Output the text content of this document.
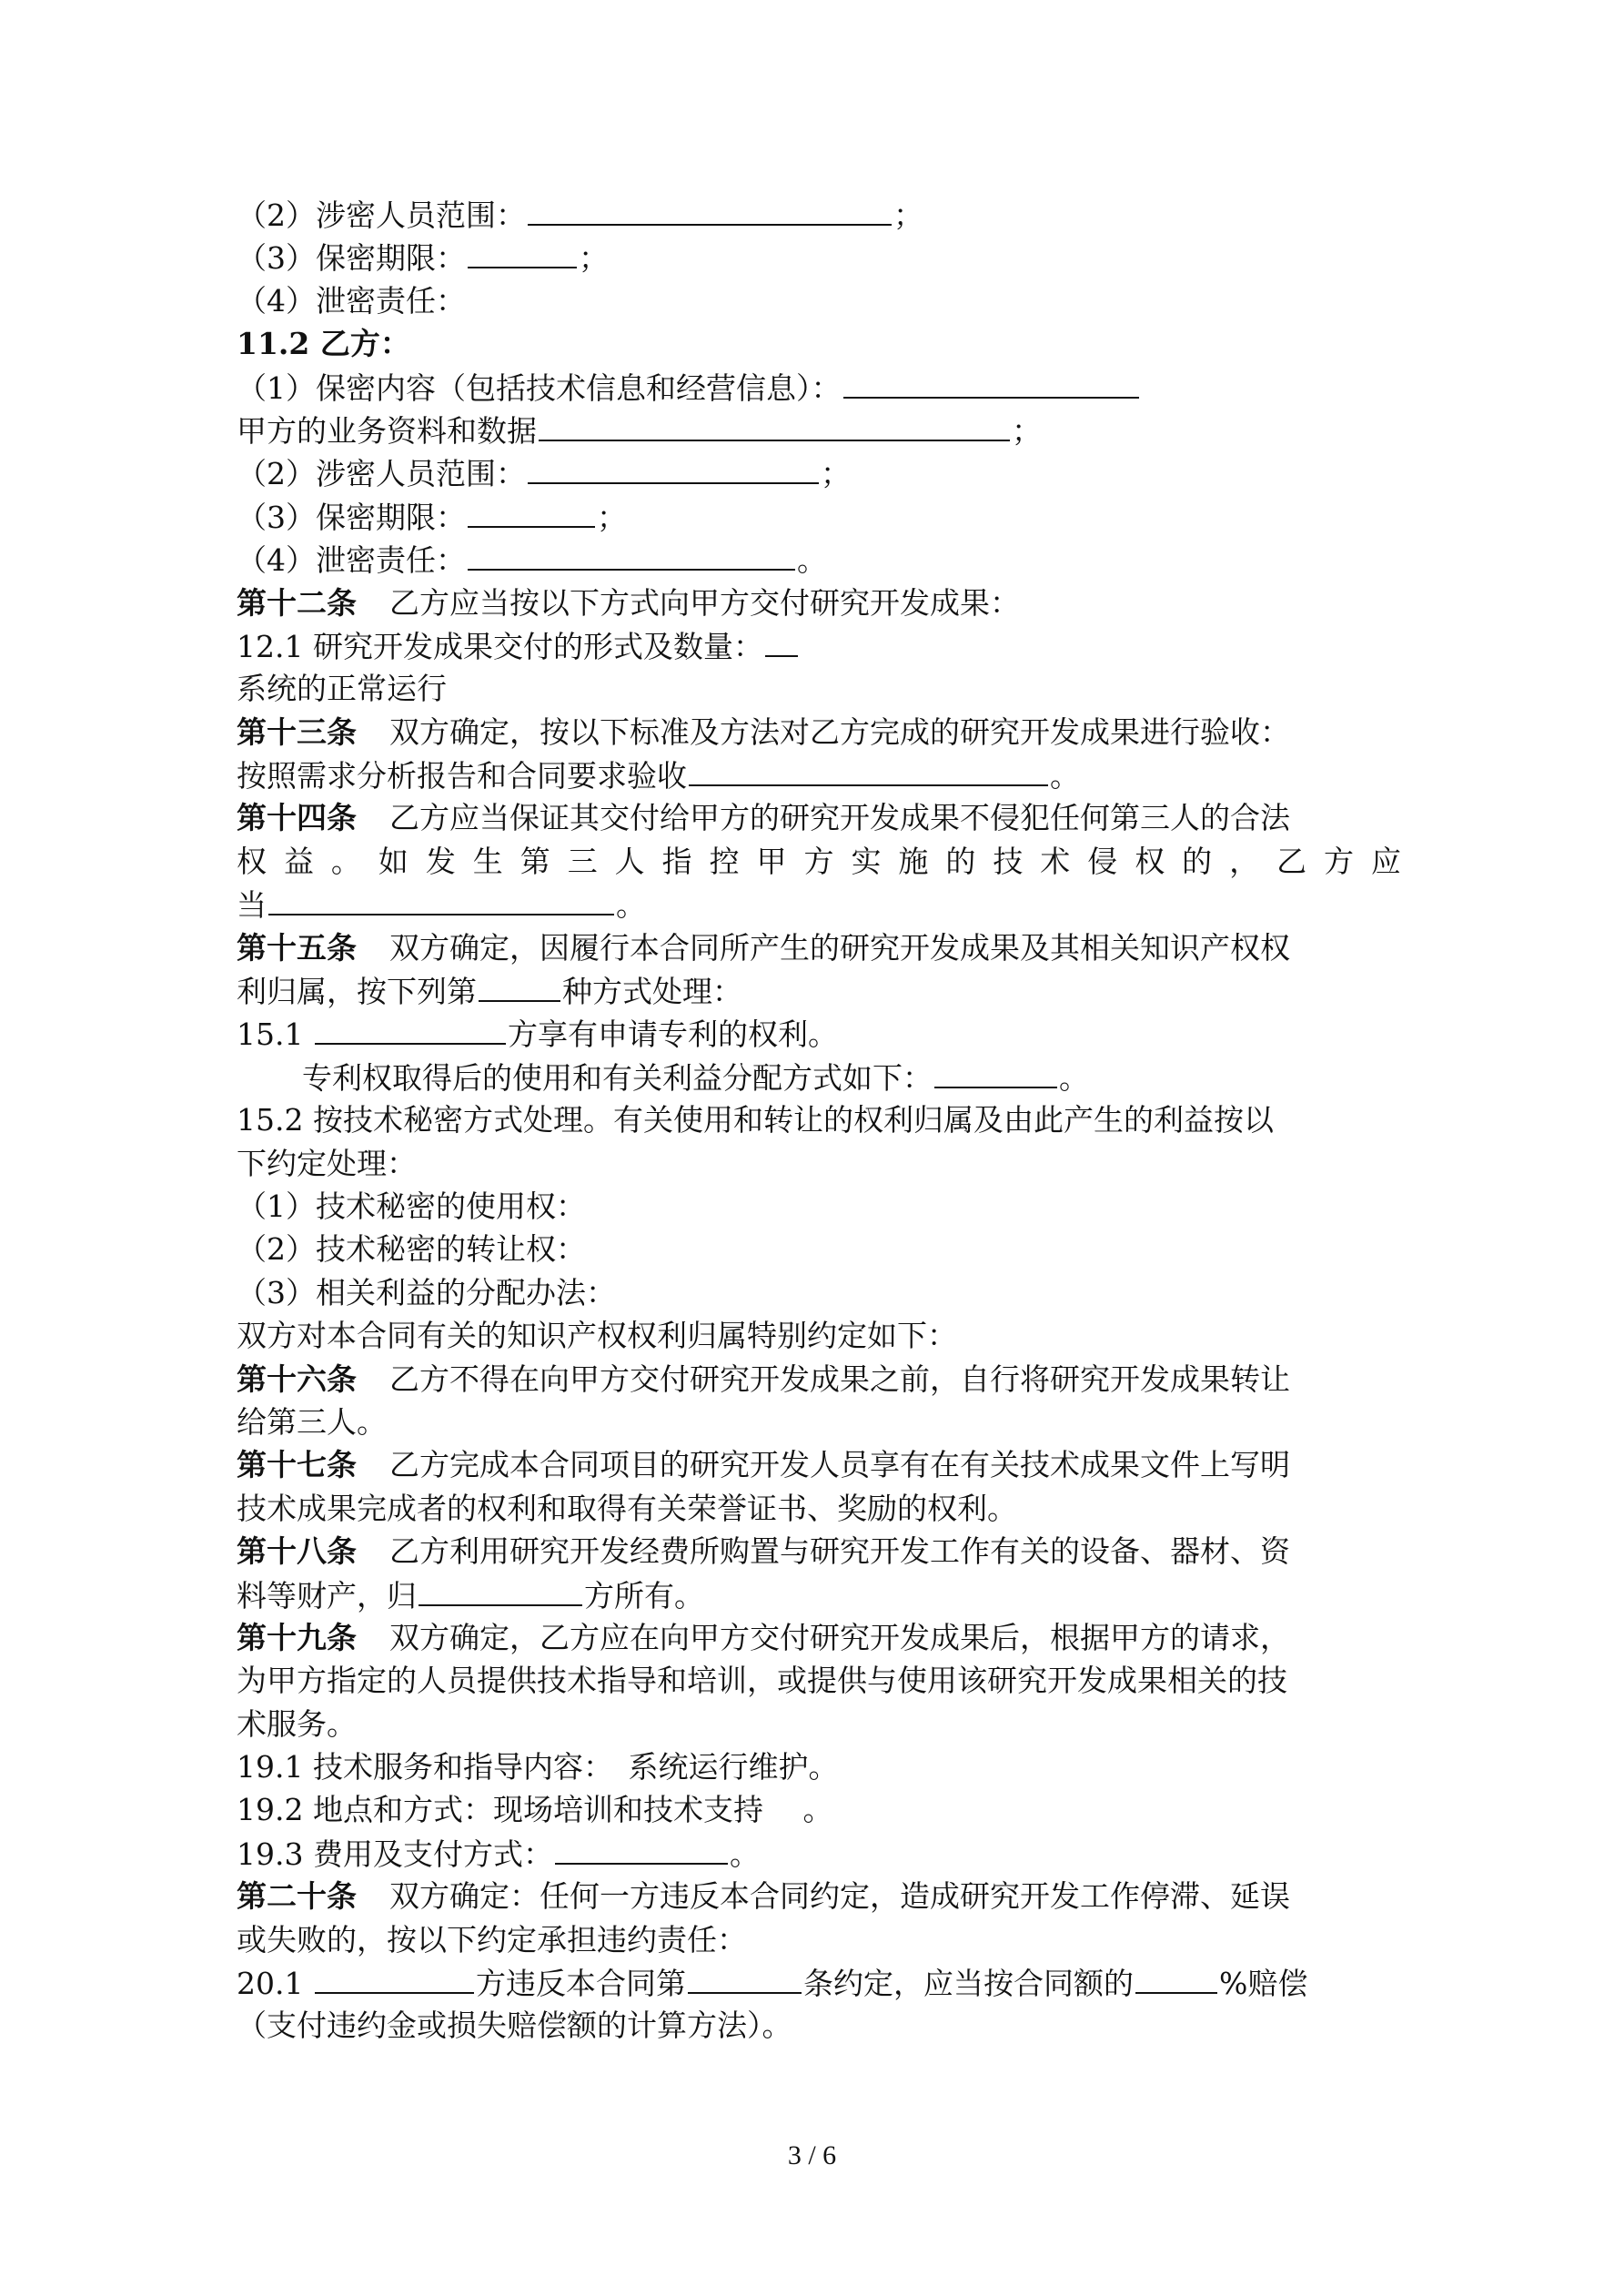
（2）涉密人员范围：	；
（3）保密期限：	；
（4）泄密责任：
11.2 乙方：
（1）保密内容（包括技术信息和经营信息）：
甲方的业务资料和数据	；
（2）涉密人员范围：	；
（3）保密期限：	；
（4）泄密责任：	。
第十二条 乙方应当按以下方式向甲方交付研究开发成果：
12.1 研究开发成果交付的形式及数量：
系统的正常运行
第十三条 双方确定，按以下标准及方法对乙方完成的研究开发成果进行验收：
按照需求分析报告和合同要求验收	。
第十四条 乙方应当保证其交付给甲方的研究开发成果不侵犯任何第三人的合法
权益。如发生第三人指控甲方实施的技术侵权的，乙方应
当	。
第十五条 双方确定，因履行本合同所产生的研究开发成果及其相关知识产权权
利归属，按下列第	种方式处理：
15.1	方享有申请专利的权利。
专利权取得后的使用和有关利益分配方式如下：	。
15.2 按技术秘密方式处理。有关使用和转让的权利归属及由此产生的利益按以
下约定处理：
（1）技术秘密的使用权：
（2）技术秘密的转让权：
（3）相关利益的分配办法：
双方对本合同有关的知识产权权利归属特别约定如下：
第十六条 乙方不得在向甲方交付研究开发成果之前，自行将研究开发成果转让
给第三人。
第十七条 乙方完成本合同项目的研究开发人员享有在有关技术成果文件上写明
技术成果完成者的权利和取得有关荣誉证书、奖励的权利。
第十八条 乙方利用研究开发经费所购置与研究开发工作有关的设备、器材、资
料等财产，归	方所有。
第十九条 双方确定，乙方应在向甲方交付研究开发成果后，根据甲方的请求，
为甲方指定的人员提供技术指导和培训，或提供与使用该研究开发成果相关的技
术服务。
19.1 技术服务和指导内容：　系统运行维护。
19.2 地点和方式：现场培训和技术支持　 。
19.3 费用及支付方式：	。
第二十条 双方确定：任何一方违反本合同约定，造成研究开发工作停滞、延误
或失败的，按以下约定承担违约责任：
20.1	方违反本合同第	条约定，应当按合同额的	%赔偿
（支付违约金或损失赔偿额的计算方法）。
3 / 6
